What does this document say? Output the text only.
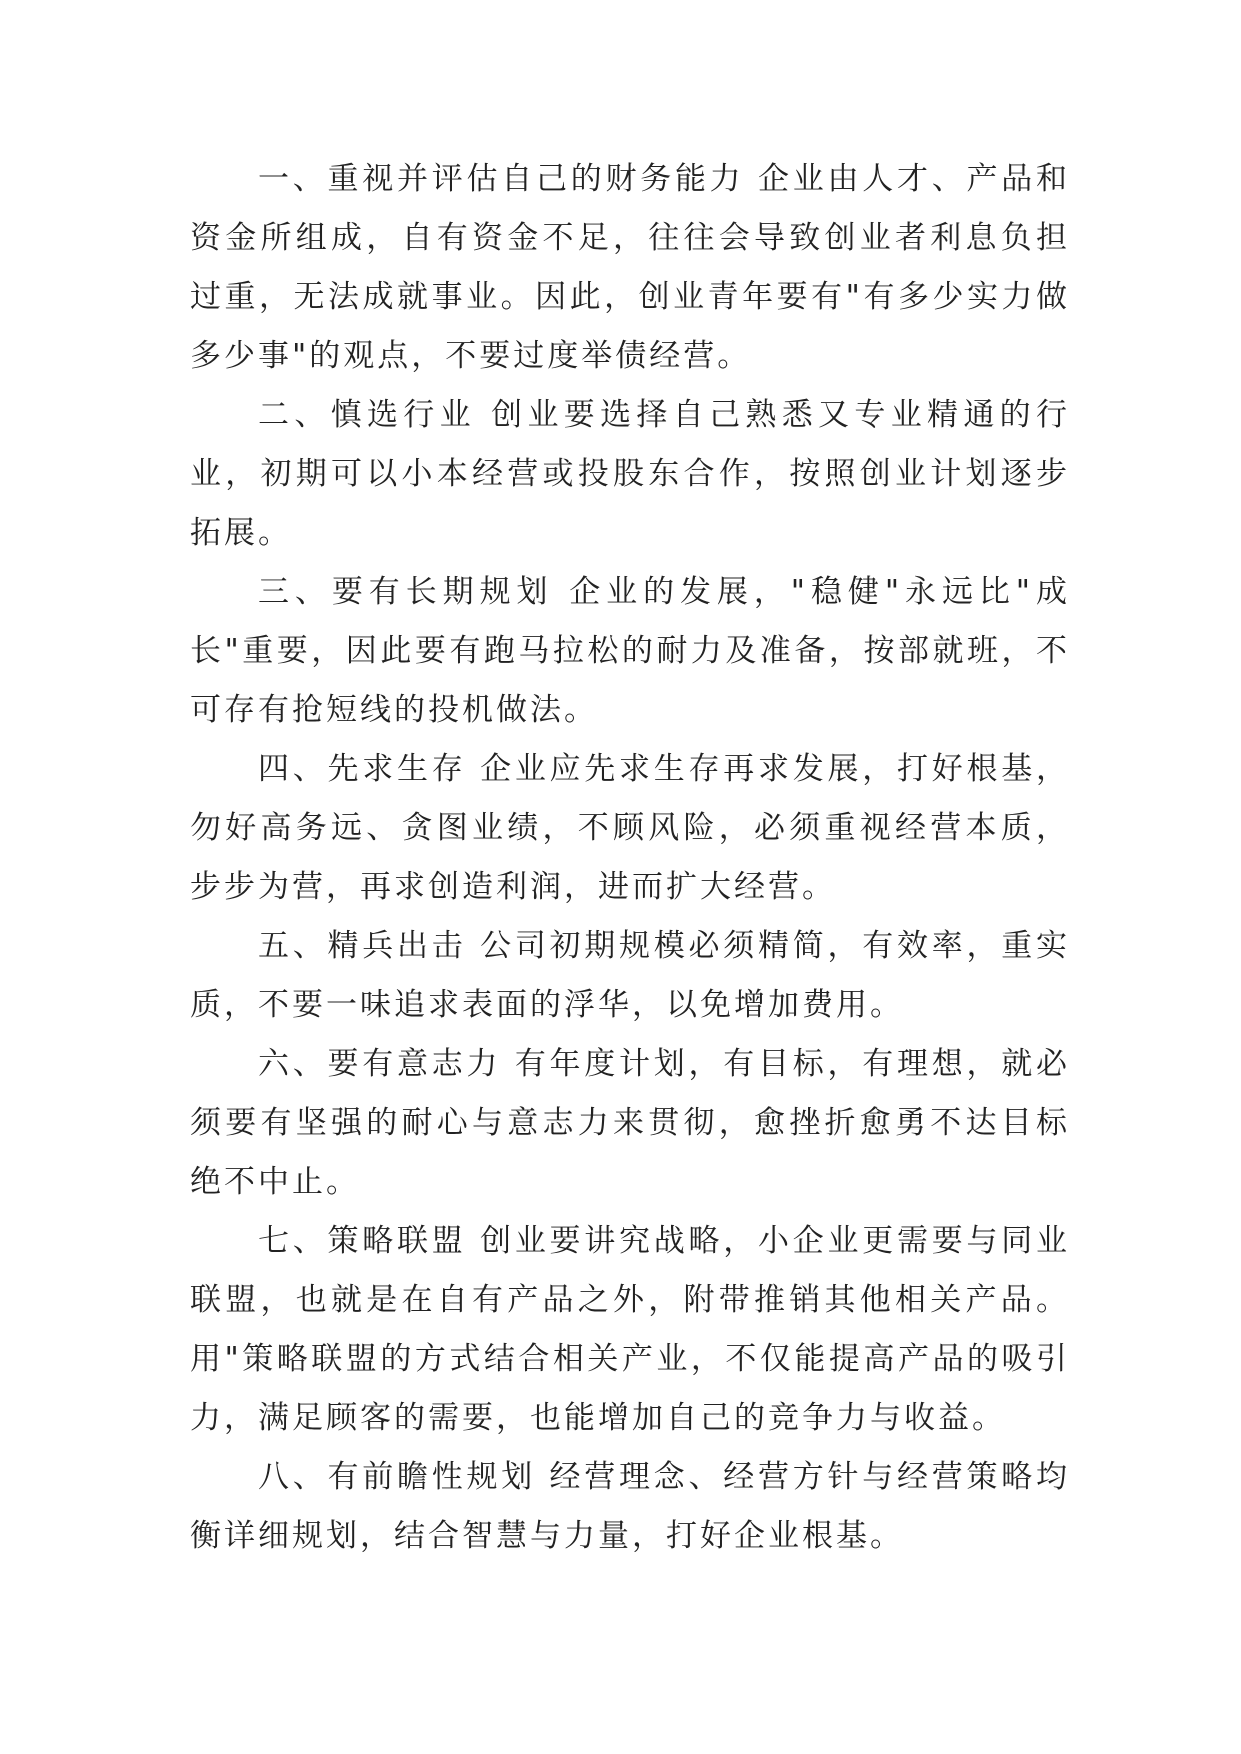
一、重视并评估自己的财务能力 企业由人才、产品和资金所组成，自有资金不足，往往会导致创业者利息负担过重，无法成就事业。因此，创业青年要有"有多少实力做多少事"的观点，不要过度举债经营。

二、慎选行业 创业要选择自己熟悉又专业精通的行业，初期可以小本经营或投股东合作，按照创业计划逐步拓展。

三、要有长期规划 企业的发展，"稳健"永远比"成长"重要，因此要有跑马拉松的耐力及准备，按部就班，不可存有抢短线的投机做法。

四、先求生存 企业应先求生存再求发展，打好根基，勿好高务远、贪图业绩，不顾风险，必须重视经营本质，步步为营，再求创造利润，进而扩大经营。

五、精兵出击 公司初期规模必须精简，有效率，重实质，不要一味追求表面的浮华，以免增加费用。

六、要有意志力 有年度计划，有目标，有理想，就必须要有坚强的耐心与意志力来贯彻，愈挫折愈勇不达目标绝不中止。

七、策略联盟 创业要讲究战略，小企业更需要与同业联盟，也就是在自有产品之外，附带推销其他相关产品。用"策略联盟的方式结合相关产业，不仅能提高产品的吸引力，满足顾客的需要，也能增加自己的竞争力与收益。

八、有前瞻性规划 经营理念、经营方针与经营策略均衡详细规划，结合智慧与力量，打好企业根基。
